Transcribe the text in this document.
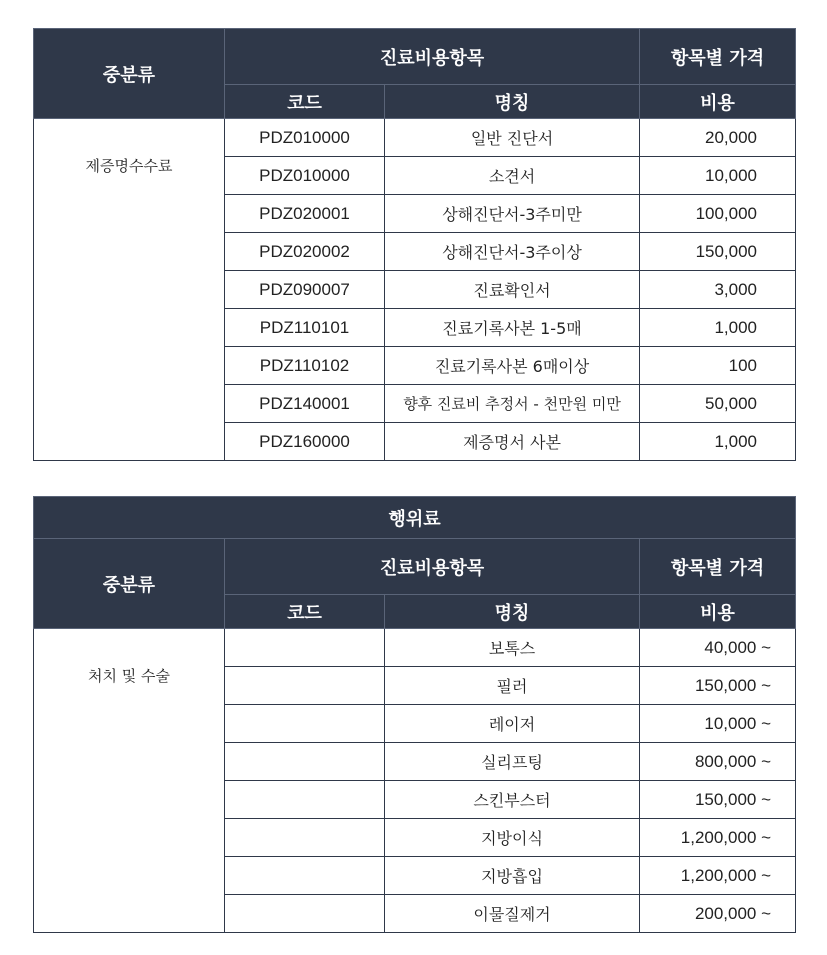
중분류	진료비용항목		항목별 가격
	코드	명칭	비용
제증명수수료	PDZ010000	일반 진단서	20,000
	PDZ010000	소견서	10,000
	PDZ020001	상해진단서-3주미만	100,000
	PDZ020002	상해진단서-3주이상	150,000
	PDZ090007	진료확인서	3,000
	PDZ110101	진료기록사본 1-5매	1,000
	PDZ110102	진료기록사본 6매이상	100
	PDZ140001	향후 진료비 추정서 - 천만원 미만	50,000
	PDZ160000	제증명서 사본	1,000
행위료			
중분류	진료비용항목		항목별 가격
	코드	명칭	비용
처치 및 수술		보톡스	40,000 ~
		필러	150,000 ~
		레이저	10,000 ~
		실리프팅	800,000 ~
		스킨부스터	150,000 ~
		지방이식	1,200,000 ~
		지방흡입	1,200,000 ~
		이물질제거	200,000 ~
